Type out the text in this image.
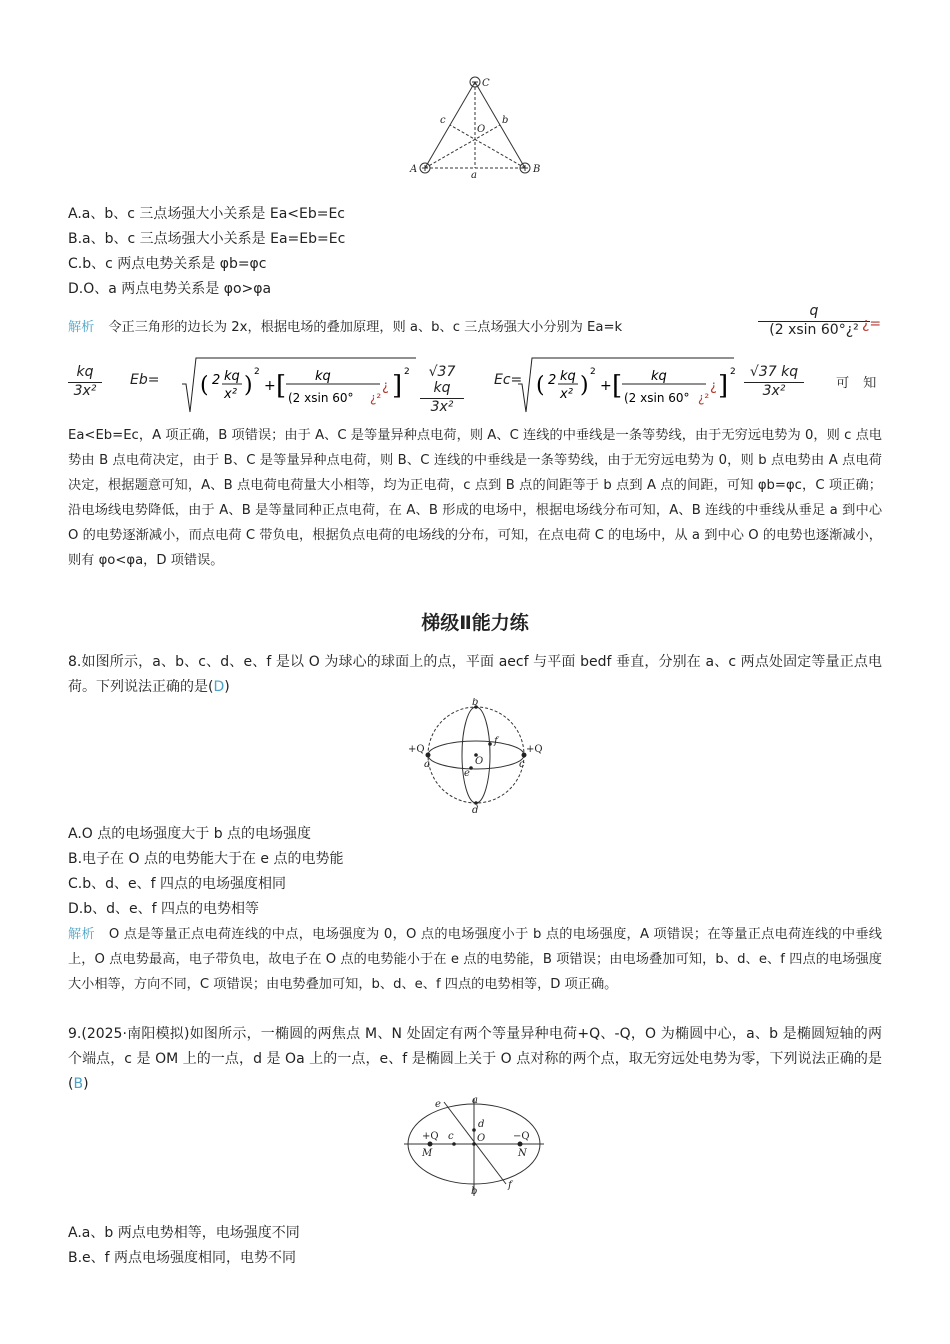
C
A	B
a
b
c
O
A.a、b、c 三点场强大小关系是 Ea<Eb=Ec
B.a、b、c 三点场强大小关系是 Ea=Eb=Ec
C.b、c 两点电势关系是 φb=φc
D.O、a 两点电势关系是 φo>φa
解析 令正三角形的边长为 2x，根据电场的叠加原理，则 a、b、c 三点场强大小分别为 Ea=k	$\frac{q}{\text{(2 xsin 60°¿²}}$
¿=
$\frac{kq}{\text{3x²}} Eb=$ ( 2 kq
x² )
2
+ [ kq
(2 xsin 60° ¿²
¿ ] $2 \frac{√37 kq}{\text{3x²}} Ec=$ ( 2 kq
x² )
2
+ [ kq
(2 xsin 60° ¿²
¿ ] $2 \frac{√37 kq}{\text{3x²}}$ 可知
Ea<Eb=Ec，A 项正确，B 项错误；由于 A、C 是等量异种点电荷，则 A、C 连线的中垂线是一条等势线，由于无穷远电势为 0，则 c 点电势由 B 点电荷决定，由于 B、C 是等量异种点电荷，则 B、C 连线的中垂线是一条等势线，由于无穷远电势为 0，则 b 点电势由 A 点电荷决定，根据题意可知，A、B 点电荷电荷量大小相等，均为正电荷，c 点到 B 点的间距等于 b 点到 A 点的间距，可知 φb=φc，C 项正确；沿电场线电势降低，由于 A、B 是等量同种正点电荷，在 A、B 形成的电场中，根据电场线分布可知，A、B 连线的中垂线从垂足 a 到中心 O 的电势逐渐减小，而点电荷 C 带负电，根据负点电荷的电场线的分布，可知，在点电荷 C 的电场中，从 a 到中心 O 的电势也逐渐减小，则有 φo<φa，D 项错误。
梯级Ⅱ能力练
8.如图所示，a、b、c、d、e、f 是以 O 为球心的球面上的点，平面 aecf 与平面 bedf 垂直，分别在 a、c 两点处固定等量正点电荷。下列说法正确的是(D)
b
+Q	+Q
a	c
O
e
f
d
A.O 点的电场强度大于 b 点的电场强度
B.电子在 O 点的电势能大于在 e 点的电势能
C.b、d、e、f 四点的电场强度相同
D.b、d、e、f 四点的电势相等
解析 O 点是等量正点电荷连线的中点，电场强度为 0，O 点的电场强度小于 b 点的电场强度，A 项错误；在等量正点电荷连线的中垂线上，O 点电势最高，电子带负电，故电子在 O 点的电势能小于在 e 点的电势能，B 项错误；由电场叠加可知，b、d、e、f 四点的电场强度大小相等，方向不同，C 项错误；由电势叠加可知，b、d、e、f 四点的电势相等，D 项正确。
9.(2025·南阳模拟)如图所示，一椭圆的两焦点 M、N 处固定有两个等量异种电荷+Q、-Q，O 为椭圆中心，a、b 是椭圆短轴的两个端点，c 是 OM 上的一点，d 是 Oa 上的一点，e、f 是椭圆上关于 O 点对称的两个点，取无穷远处电势为零，下列说法正确的是(B)
a
e
d
+Q c O	−Q
M	N
b
f
A.a、b 两点电势相等，电场强度不同
B.e、f 两点电场强度相同，电势不同
